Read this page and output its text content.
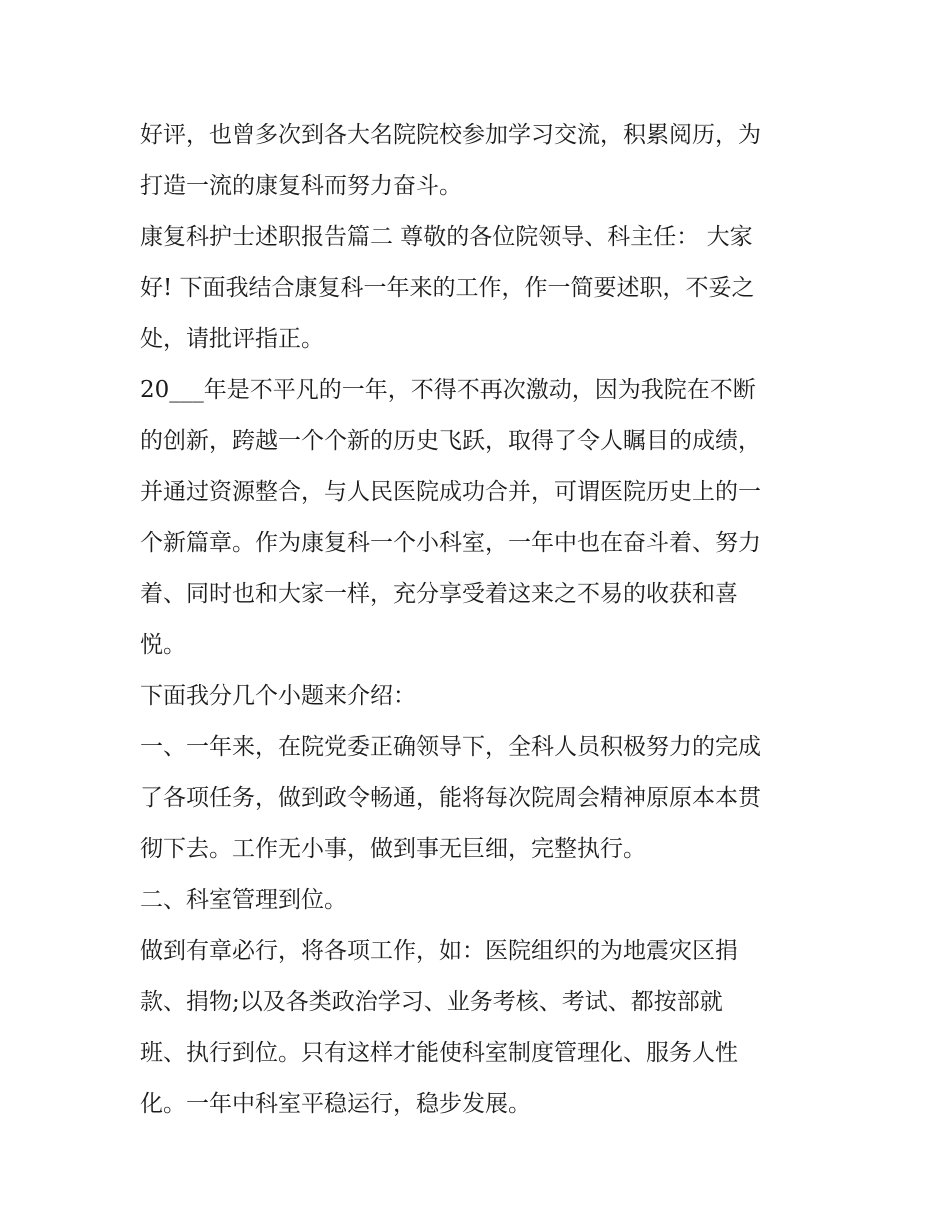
好评，也曾多次到各大名院院校参加学习交流，积累阅历，为
打造一流的康复科而努力奋斗。
康复科护士述职报告篇二 尊敬的各位院领导、科主任： 大家
好! 下面我结合康复科一年来的工作，作一简要述职，不妥之
处，请批评指正。
20___年是不平凡的一年，不得不再次激动，因为我院在不断
的创新，跨越一个个新的历史飞跃，取得了令人瞩目的成绩，
并通过资源整合，与人民医院成功合并，可谓医院历史上的一
个新篇章。作为康复科一个小科室，一年中也在奋斗着、努力
着、同时也和大家一样，充分享受着这来之不易的收获和喜
悦。
下面我分几个小题来介绍：
一、一年来，在院党委正确领导下，全科人员积极努力的完成
了各项任务，做到政令畅通，能将每次院周会精神原原本本贯
彻下去。工作无小事，做到事无巨细，完整执行。
二、科室管理到位。
做到有章必行，将各项工作，如：医院组织的为地震灾区捐
款、捐物;以及各类政治学习、业务考核、考试、都按部就
班、执行到位。只有这样才能使科室制度管理化、服务人性
化。一年中科室平稳运行，稳步发展。
